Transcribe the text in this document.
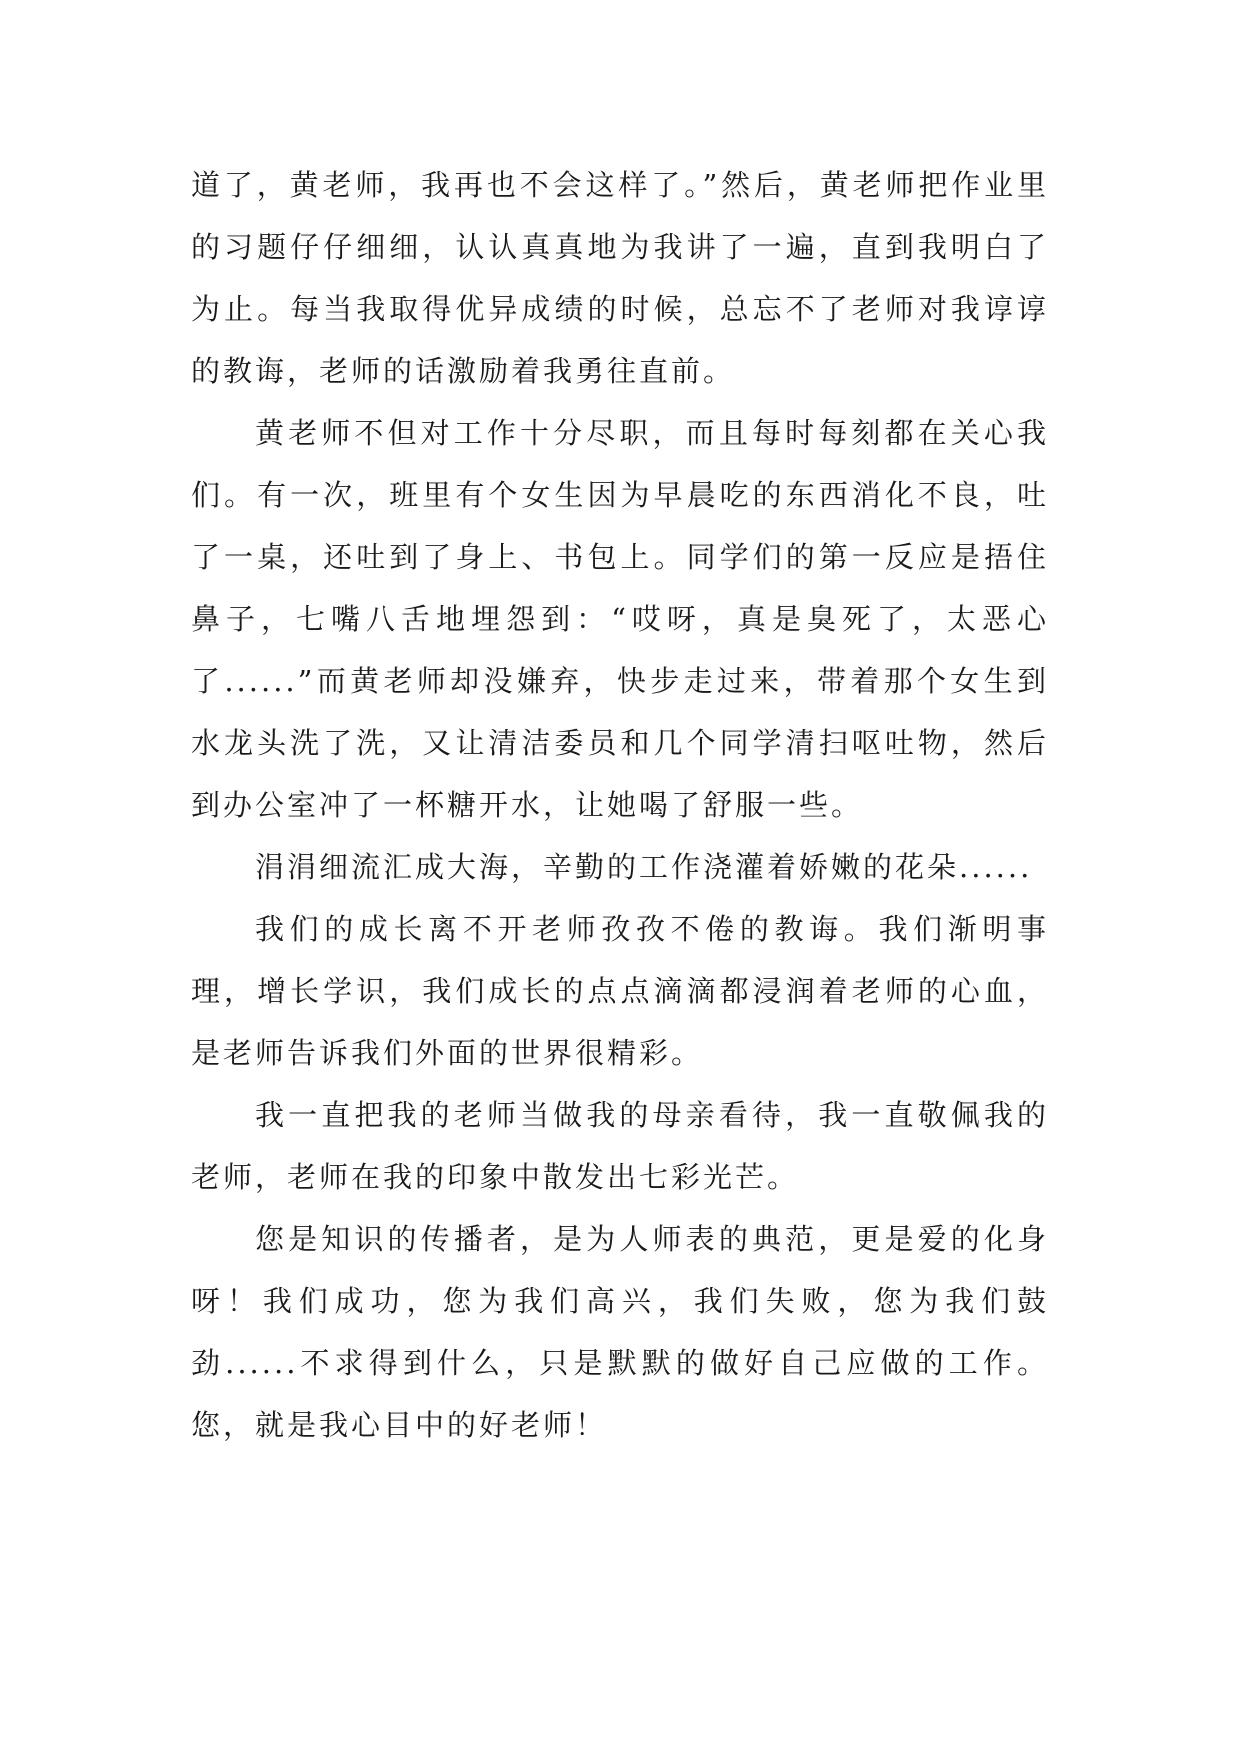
道了，黄老师，我再也不会这样了。”然后，黄老师把作业里的习题仔仔细细，认认真真地为我讲了一遍，直到我明白了为止。每当我取得优异成绩的时候，总忘不了老师对我谆谆的教诲，老师的话激励着我勇往直前。

黄老师不但对工作十分尽职，而且每时每刻都在关心我们。有一次，班里有个女生因为早晨吃的东西消化不良，吐了一桌，还吐到了身上、书包上。同学们的第一反应是捂住鼻子，七嘴八舌地埋怨到：“哎呀，真是臭死了，太恶心了......”而黄老师却没嫌弃，快步走过来，带着那个女生到水龙头洗了洗，又让清洁委员和几个同学清扫呕吐物，然后到办公室冲了一杯糖开水，让她喝了舒服一些。

涓涓细流汇成大海，辛勤的工作浇灌着娇嫩的花朵......

我们的成长离不开老师孜孜不倦的教诲。我们渐明事理，增长学识，我们成长的点点滴滴都浸润着老师的心血，是老师告诉我们外面的世界很精彩。

我一直把我的老师当做我的母亲看待，我一直敬佩我的老师，老师在我的印象中散发出七彩光芒。

您是知识的传播者，是为人师表的典范，更是爱的化身呀！我们成功，您为我们高兴，我们失败，您为我们鼓劲......不求得到什么，只是默默的做好自己应做的工作。您，就是我心目中的好老师！
